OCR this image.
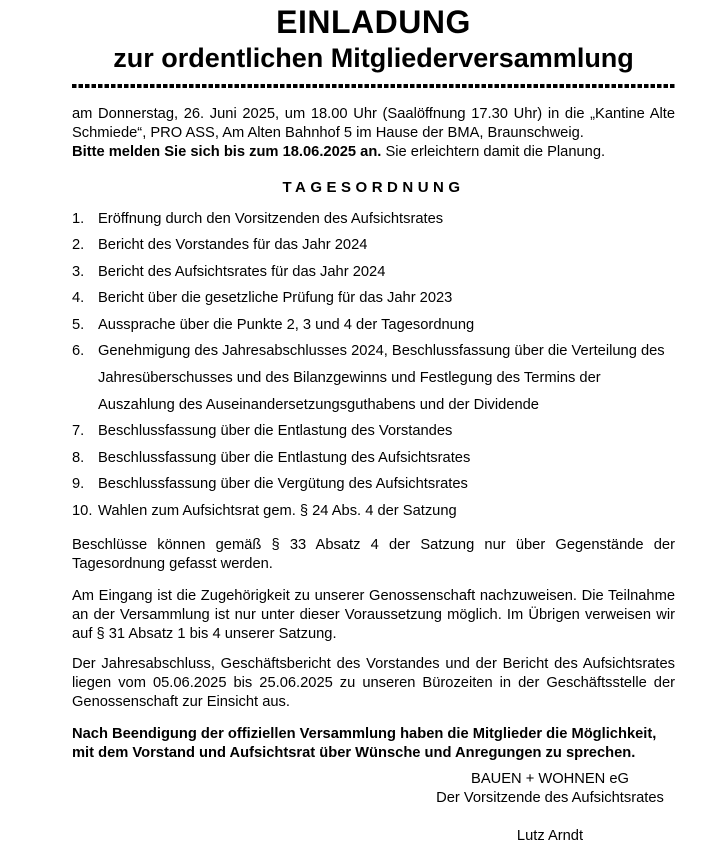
EINLADUNG
zur ordentlichen Mitgliederversammlung

am Donnerstag, 26. Juni 2025, um 18.00 Uhr (Saalöffnung 17.30 Uhr) in die „Kantine Alte Schmiede“, PRO ASS, Am Alten Bahnhof 5 im Hause der BMA, Braunschweig.

Bitte melden Sie sich bis zum 18.06.2025 an. Sie erleichtern damit die Planung.

TAGESORDNUNG
1. Eröffnung durch den Vorsitzenden des Aufsichtsrates
2. Bericht des Vorstandes für das Jahr 2024
3. Bericht des Aufsichtsrates für das Jahr 2024
4. Bericht über die gesetzliche Prüfung für das Jahr 2023
5. Aussprache über die Punkte 2, 3 und 4 der Tagesordnung
6. Genehmigung des Jahresabschlusses 2024, Beschlussfassung über die Verteilung des Jahresüberschusses und des Bilanzgewinns und Festlegung des Termins der Auszahlung des Auseinandersetzungsguthabens und der Dividende
7. Beschlussfassung über die Entlastung des Vorstandes
8. Beschlussfassung über die Entlastung des Aufsichtsrates
9. Beschlussfassung über die Vergütung des Aufsichtsrates
10. Wahlen zum Aufsichtsrat gem. § 24 Abs. 4 der Satzung

Beschlüsse können gemäß § 33 Absatz 4 der Satzung nur über Gegenstände der Tagesordnung gefasst werden.

Am Eingang ist die Zugehörigkeit zu unserer Genossenschaft nachzuweisen. Die Teilnahme an der Versammlung ist nur unter dieser Voraussetzung möglich. Im Übrigen verweisen wir auf § 31 Absatz 1 bis 4 unserer Satzung.

Der Jahresabschluss, Geschäftsbericht des Vorstandes und der Bericht des Aufsichtsrates liegen vom 05.06.2025 bis 25.06.2025 zu unseren Bürozeiten in der Geschäftsstelle der Genossenschaft zur Einsicht aus.

Nach Beendigung der offiziellen Versammlung haben die Mitglieder die Möglichkeit, mit dem Vorstand und Aufsichtsrat über Wünsche und Anregungen zu sprechen.

BAUEN + WOHNEN eG
Der Vorsitzende des Aufsichtsrates
Lutz Arndt
